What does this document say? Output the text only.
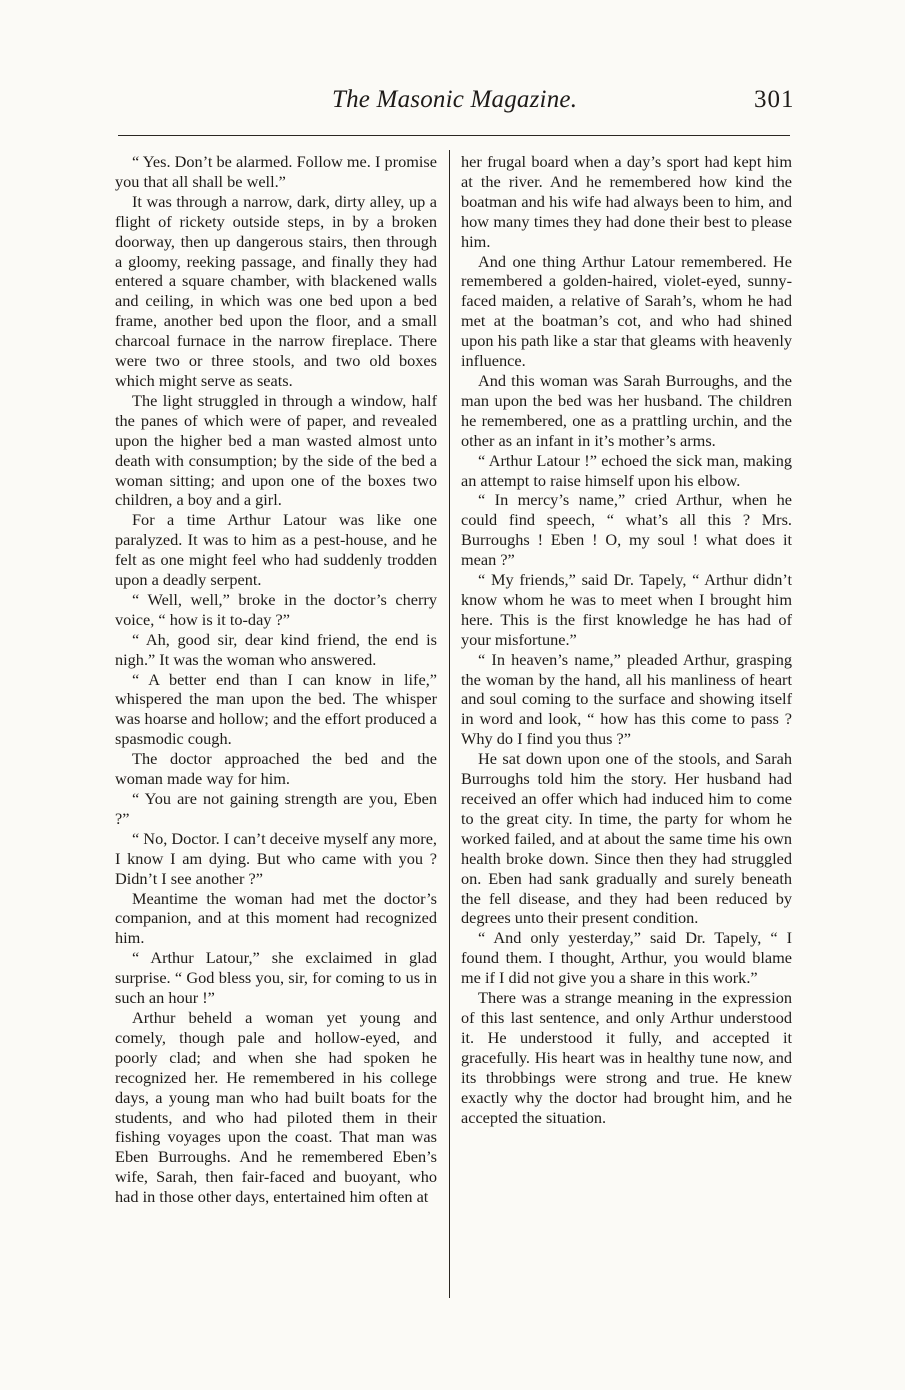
The Masonic Magazine.	301

“ Yes. Don’t be alarmed. Follow me. I promise you that all shall be well.”

It was through a narrow, dark, dirty alley, up a flight of rickety outside steps, in by a broken doorway, then up dangerous stairs, then through a gloomy, reeking passage, and finally they had entered a square chamber, with blackened walls and ceiling, in which was one bed upon a bed frame, another bed upon the floor, and a small charcoal furnace in the narrow fireplace. There were two or three stools, and two old boxes which might serve as seats.

The light struggled in through a window, half the panes of which were of paper, and revealed upon the higher bed a man wasted almost unto death with consumption; by the side of the bed a woman sitting; and upon one of the boxes two children, a boy and a girl.

For a time Arthur Latour was like one paralyzed. It was to him as a pest-house, and he felt as one might feel who had suddenly trodden upon a deadly serpent.

“ Well, well,” broke in the doctor’s cherry voice, “ how is it to-day ?”

“ Ah, good sir, dear kind friend, the end is nigh.” It was the woman who answered.

“ A better end than I can know in life,” whispered the man upon the bed. The whisper was hoarse and hollow; and the effort produced a spasmodic cough.

The doctor approached the bed and the woman made way for him.

“ You are not gaining strength are you, Eben ?”

“ No, Doctor. I can’t deceive myself any more, I know I am dying. But who came with you ? Didn’t I see another ?”

Meantime the woman had met the doctor’s companion, and at this moment had recognized him.

“ Arthur Latour,” she exclaimed in glad surprise. “ God bless you, sir, for coming to us in such an hour !”

Arthur beheld a woman yet young and comely, though pale and hollow-eyed, and poorly clad; and when she had spoken he recognized her. He remembered in his college days, a young man who had built boats for the students, and who had piloted them in their fishing voyages upon the coast. That man was Eben Burroughs. And he remembered Eben’s wife, Sarah, then fair-faced and buoyant, who had in those other days, entertained him often at

her frugal board when a day’s sport had kept him at the river. And he remembered how kind the boatman and his wife had always been to him, and how many times they had done their best to please him.

And one thing Arthur Latour remembered. He remembered a golden-haired, violet-eyed, sunny-faced maiden, a relative of Sarah’s, whom he had met at the boatman’s cot, and who had shined upon his path like a star that gleams with heavenly influence.

And this woman was Sarah Burroughs, and the man upon the bed was her husband. The children he remembered, one as a prattling urchin, and the other as an infant in it’s mother’s arms.

“ Arthur Latour !” echoed the sick man, making an attempt to raise himself upon his elbow.

“ In mercy’s name,” cried Arthur, when he could find speech, “ what’s all this ? Mrs. Burroughs ! Eben ! O, my soul ! what does it mean ?”

“ My friends,” said Dr. Tapely, “ Arthur didn’t know whom he was to meet when I brought him here. This is the first knowledge he has had of your misfortune.”

“ In heaven’s name,” pleaded Arthur, grasping the woman by the hand, all his manliness of heart and soul coming to the surface and showing itself in word and look, “ how has this come to pass ? Why do I find you thus ?”

He sat down upon one of the stools, and Sarah Burroughs told him the story. Her husband had received an offer which had induced him to come to the great city. In time, the party for whom he worked failed, and at about the same time his own health broke down. Since then they had struggled on. Eben had sank gradually and surely beneath the fell disease, and they had been reduced by degrees unto their present condition.

“ And only yesterday,” said Dr. Tapely, “ I found them. I thought, Arthur, you would blame me if I did not give you a share in this work.”

There was a strange meaning in the expression of this last sentence, and only Arthur understood it. He understood it fully, and accepted it gracefully. His heart was in healthy tune now, and its throbbings were strong and true. He knew exactly why the doctor had brought him, and he accepted the situation.
